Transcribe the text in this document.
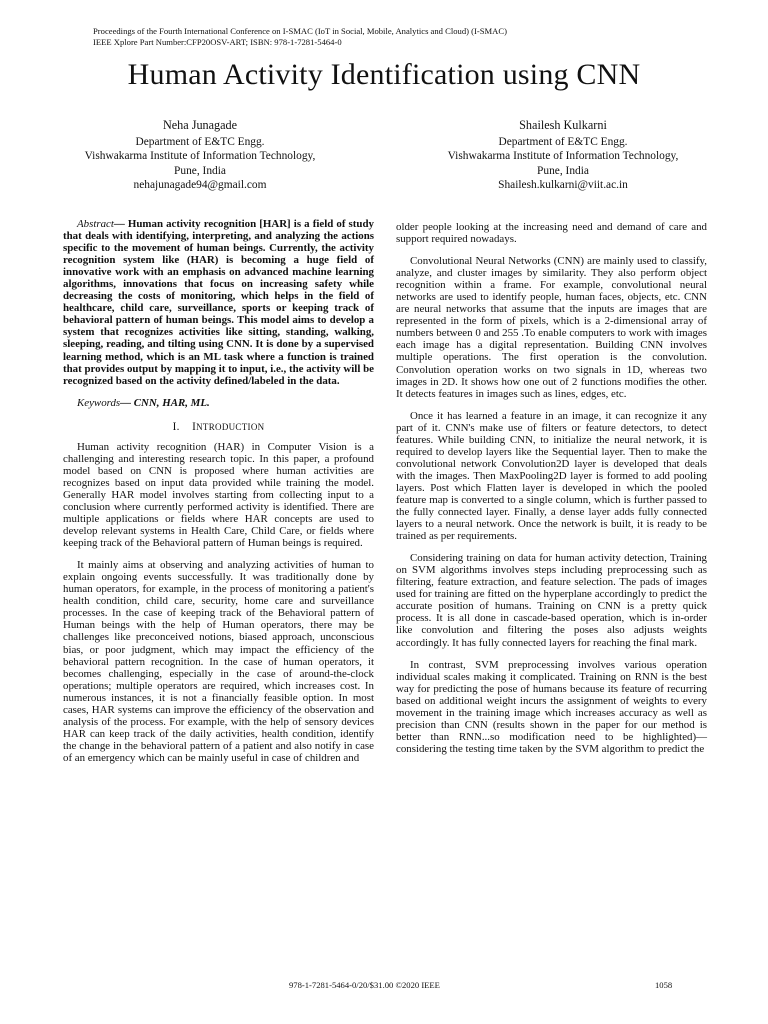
Proceedings of the Fourth International Conference on I-SMAC (IoT in Social, Mobile, Analytics and Cloud) (I-SMAC)
IEEE Xplore Part Number:CFP20OSV-ART; ISBN: 978-1-7281-5464-0
Human Activity Identification using CNN
Neha Junagade
Department of E&TC Engg.
Vishwakarma Institute of Information Technology,
Pune, India
nehajunagade94@gmail.com
Shailesh Kulkarni
Department of E&TC Engg.
Vishwakarma Institute of Information Technology,
Pune, India
Shailesh.kulkarni@viit.ac.in

Abstract— Human activity recognition [HAR] is a field of study that deals with identifying, interpreting, and analyzing the actions specific to the movement of human beings. Currently, the activity recognition system like (HAR) is becoming a huge field of innovative work with an emphasis on advanced machine learning algorithms, innovations that focus on increasing safety while decreasing the costs of monitoring, which helps in the field of healthcare, child care, surveillance, sports or keeping track of behavioral pattern of human beings. This model aims to develop a system that recognizes activities like sitting, standing, walking, sleeping, reading, and tilting using CNN. It is done by a supervised learning method, which is an ML task where a function is trained that provides output by mapping it to input, i.e., the activity will be recognized based on the activity defined/labeled in the data.

Keywords— CNN, HAR, ML.

I. INTRODUCTION

Human activity recognition (HAR) in Computer Vision is a challenging and interesting research topic. In this paper, a profound model based on CNN is proposed where human activities are recognizes based on input data provided while training the model. Generally HAR model involves starting from collecting input to a conclusion where currently performed activity is identified. There are multiple applications or fields where HAR concepts are used to develop relevant systems in Health Care, Child Care, or fields where keeping track of the Behavioral pattern of Human beings is required.

It mainly aims at observing and analyzing activities of human to explain ongoing events successfully. It was traditionally done by human operators, for example, in the process of monitoring a patient's health condition, child care, security, home care and surveillance processes. In the case of keeping track of the Behavioral pattern of Human beings with the help of Human operators, there may be challenges like preconceived notions, biased approach, unconscious bias, or poor judgment, which may impact the efficiency of the behavioral pattern recognition. In the case of human operators, it becomes challenging, especially in the case of around-the-clock operations; multiple operators are required, which increases cost. In numerous instances, it is not a financially feasible option. In most cases, HAR systems can improve the efficiency of the observation and analysis of the process. For example, with the help of sensory devices HAR can keep track of the daily activities, health condition, identify the change in the behavioral pattern of a patient and also notify in case of an emergency which can be mainly useful in case of children and

older people looking at the increasing need and demand of care and support required nowadays.

Convolutional Neural Networks (CNN) are mainly used to classify, analyze, and cluster images by similarity. They also perform object recognition within a frame. For example, convolutional neural networks are used to identify people, human faces, objects, etc. CNN are neural networks that assume that the inputs are images that are represented in the form of pixels, which is a 2-dimensional array of numbers between 0 and 255 .To enable computers to work with images each image has a digital representation. Building CNN involves multiple operations. The first operation is the convolution. Convolution operation works on two signals in 1D, whereas two images in 2D. It shows how one out of 2 functions modifies the other. It detects features in images such as lines, edges, etc.

Once it has learned a feature in an image, it can recognize it any part of it. CNN's make use of filters or feature detectors, to detect features. While building CNN, to initialize the neural network, it is required to develop layers like the Sequential layer. Then to make the convolutional network Convolution2D layer is developed that deals with the images. Then MaxPooling2D layer is formed to add pooling layers. Post which Flatten layer is developed in which the pooled feature map is converted to a single column, which is further passed to the fully connected layer. Finally, a dense layer adds fully connected layers to a neural network. Once the network is built, it is ready to be trained as per requirements.

Considering training on data for human activity detection, Training on SVM algorithms involves steps including preprocessing such as filtering, feature extraction, and feature selection. The pads of images used for training are fitted on the hyperplane accordingly to predict the accurate position of humans. Training on CNN is a pretty quick process. It is all done in cascade-based operation, which is in-order like convolution and filtering the poses also adjusts weights accordingly. It has fully connected layers for reaching the final mark.

In contrast, SVM preprocessing involves various operation individual scales making it complicated. Training on RNN is the best way for predicting the pose of humans because its feature of recurring based on additional weight incurs the assignment of weights to every movement in the training image which increases accuracy as well as precision than CNN (results shown in the paper for our method is better than RNN...so modification need to be highlighted)—considering the testing time taken by the SVM algorithm to predict the

978-1-7281-5464-0/20/$31.00 ©2020 IEEE	1058
